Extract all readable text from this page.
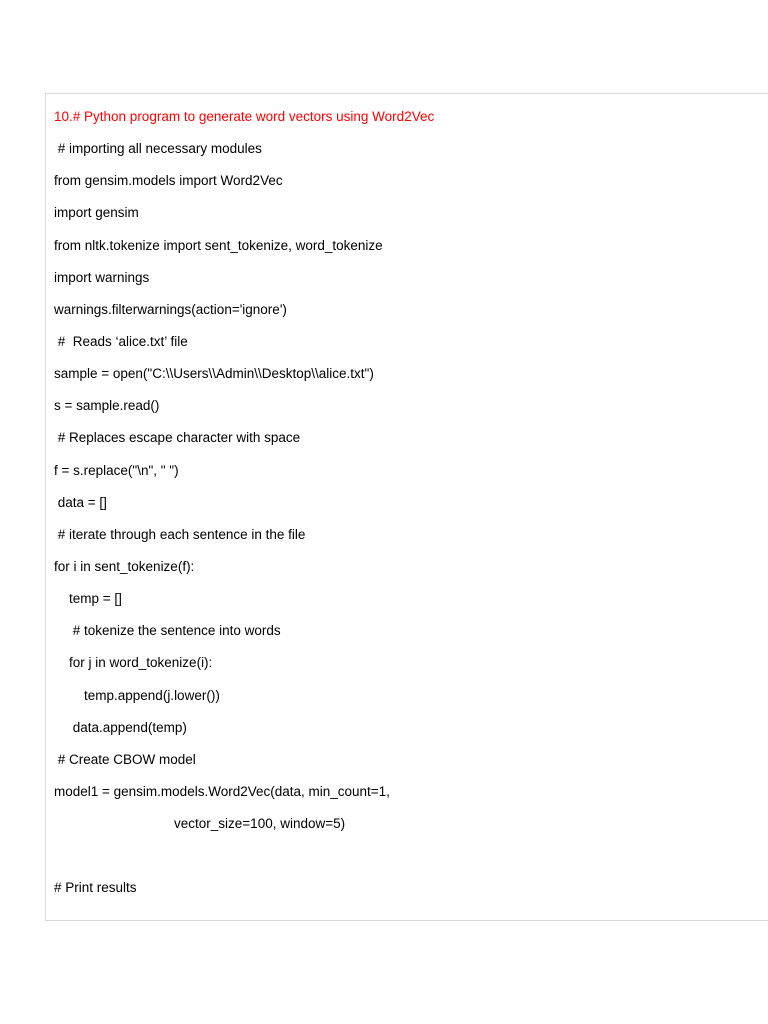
10.# Python program to generate word vectors using Word2Vec
# importing all necessary modules
from gensim.models import Word2Vec
import gensim
from nltk.tokenize import sent_tokenize, word_tokenize
import warnings
warnings.filterwarnings(action='ignore')
#  Reads ‘alice.txt’ file
sample = open("C:\\Users\\Admin\\Desktop\\alice.txt")
s = sample.read()
# Replaces escape character with space
f = s.replace("\n", " ")
data = []
# iterate through each sentence in the file
for i in sent_tokenize(f):
temp = []
# tokenize the sentence into words
for j in word_tokenize(i):
temp.append(j.lower())
data.append(temp)
# Create CBOW model
model1 = gensim.models.Word2Vec(data, min_count=1,
vector_size=100, window=5)
# Print results
